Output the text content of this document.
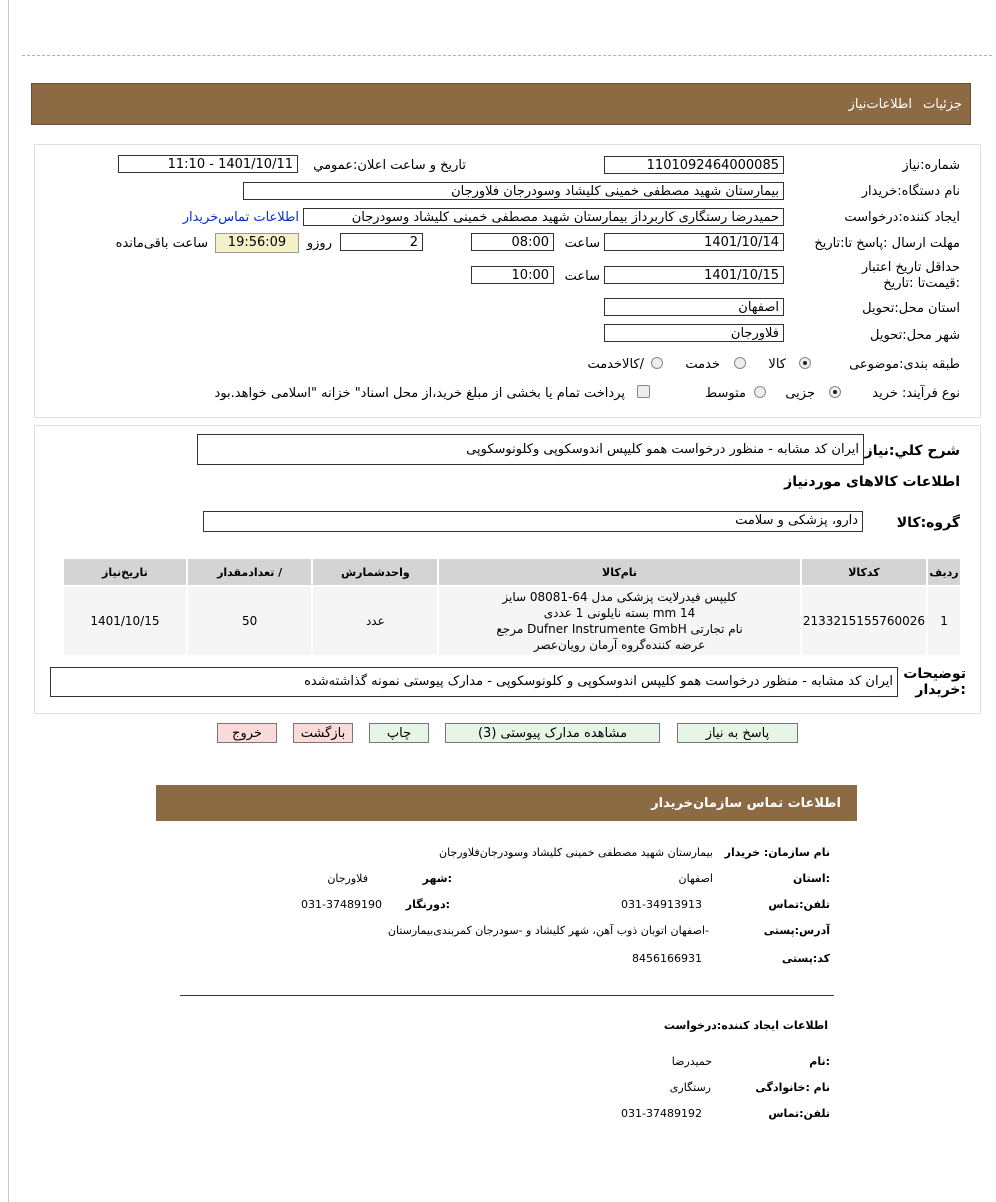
جزئيات
اطلاعات‌نیاز
شماره:نیاز
1101092464000085
تاریخ و ساعت اعلان:عمومي
1401/10/11 - 11:10
نام دستگاه:خریدار
بیمارستان شهید مصطفی خمینی کلیشاد وسودرجان فلاورجان
ایجاد کننده:درخواست
حمیدرضا رستگاری کاربرداز بیمارستان شهید مصطفی خمینی کلیشاد وسودرجان
اطلاعات تماس‌خریدار
مهلت ارسال :پاسخ تا:تاریخ
1401/10/14
ساعت
08:00
2
روزو
19:56:09
ساعت باقی‌مانده
حداقل تاریخ اعتبار :قیمت‌تا :تاریخ
1401/10/15
ساعت
10:00
استان محل:تحویل
اصفهان
شهر محل:تحویل
فلاورجان
طبقه بندی:موضوعی
کالا
خدمت
/کالاخدمت
نوع فرآیند: خرید
جزیی
متوسط
پرداخت تمام یا بخشی از مبلغ خرید،از محل اسناد" خزانه "اسلامی خواهد.بود
شرح كلي:نیاز
ایران کد مشابه - منظور درخواست همو کلیپس اندوسکوپی وکلونوسکوپی
اطلاعات کالاهای موردنیاز
گروه:کالا
دارو، پزشکی و سلامت
ردیف	کدکالا	نام‌کالا	واحدشمارش	/ تعدادمقدار	تاریخ‌نیاز
1	2133215155760026	کلیپس فیدرلایت پزشکی مدل 64-08081 سایز
14 mm بسته نایلونی 1 عددی
نام تجارتی Dufner Instrumente GmbH مرجع
عرضه کننده‌گروه آرمان رویان‌عصر	عدد	50	1401/10/15
توضیحات :خریدار
ایران کد مشابه - منظور درخواست همو کلیپس اندوسکوپی و کلونوسکوپی - مدارک پیوستی نمونه گذاشته‌شده
پاسخ به نیاز
مشاهده مدارک پیوستی (3)
چاپ
بازگشت
خروج
اطلاعات تماس سازمان‌خریدار
نام سازمان: خریدار
بیمارستان شهید مصطفی خمینی کلیشاد وسودرجان‌فلاورجان
:استان
اصفهان
:شهر
فلاورجان
تلفن:تماس
031-34913913
:دورنگار
031-37489190
آدرس:پستی
-اصفهان اتوبان ذوب آهن، شهر کلیشاد و -سودرجان کمربندی‌بیمارستان
کد:پستی
8456166931
اطلاعات ایجاد کننده:درخواست
:نام
حمیدرضا
نام :خانوادگی
رستگاری
تلفن:تماس
031-37489192
